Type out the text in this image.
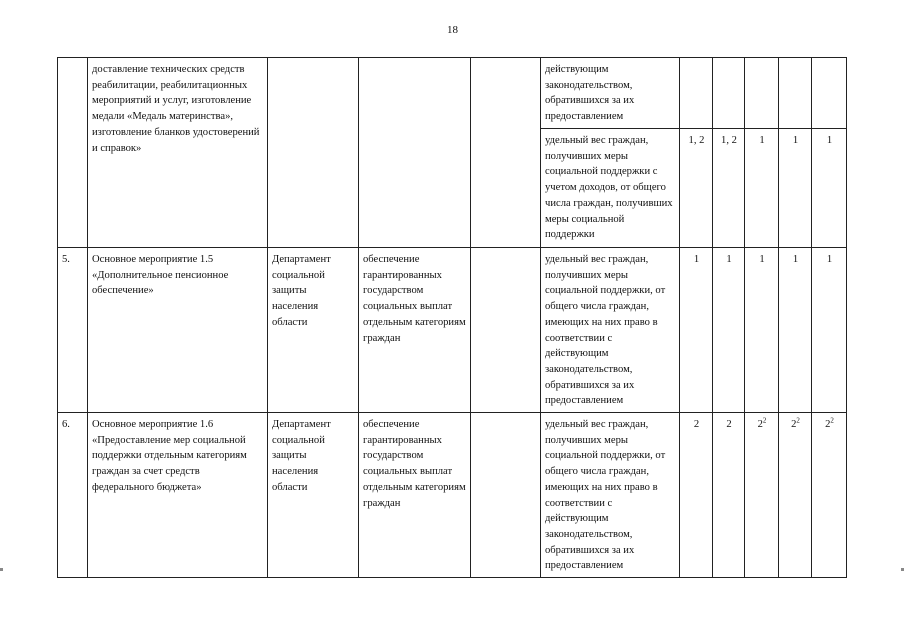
18
	доставление технических средств реабилитации, реабилитационных мероприятий и услуг, изготовление медали «Медаль материнства», изготовление бланков удостоверений и справок»				действующим законодательством, обратившихся за их предоставлением					
					удельный вес граждан, получивших меры социальной поддержки с учетом доходов, от общего числа граждан, получивших меры социальной поддержки	1, 2	1, 2	1	1	1
5.	Основное мероприятие 1.5 «Дополнительное пенсионное обеспечение»	Департамент социальной защиты населения области	обеспечение гарантированных государством социальных выплат отдельным категориям граждан		удельный вес граждан, получивших меры социальной поддержки, от общего числа граждан, имеющих на них право в соответствии с действующим законодательством, обратившихся за их предоставлением	1	1	1	1	1
6.	Основное мероприятие 1.6 «Предоставление мер социальной поддержки отдельным категориям граждан за счет средств федерального бюджета»	Департамент социальной защиты населения области	обеспечение гарантированных государством социальных выплат отдельным категориям граждан		удельный вес граждан, получивших меры социальной поддержки, от общего числа граждан, имеющих на них право в соответствии с действующим законодательством, обратившихся за их предоставлением	2	2	$2^2$	$2^2$	$2^2$
